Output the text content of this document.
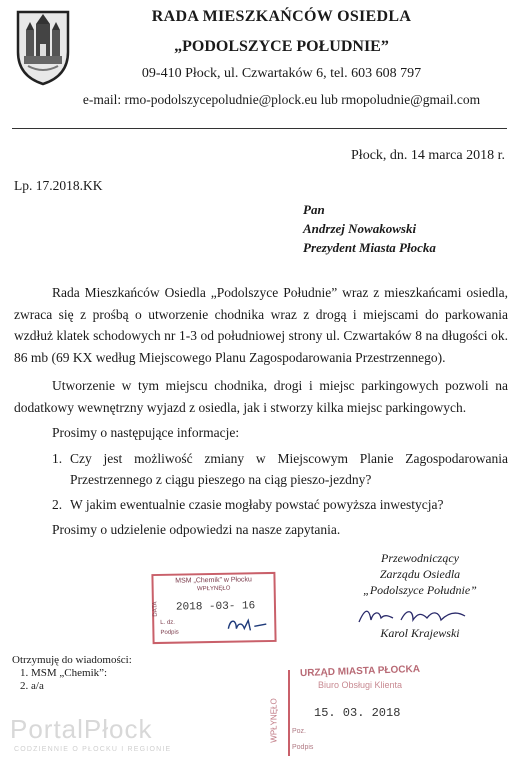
RADA MIESZKAŃCÓW OSIEDLA
„PODOLSZYCE POŁUDNIE”
09-410 Płock, ul. Czwartaków 6, tel. 603 608 797
e-mail: rmo-podolszycepoludnie@plock.eu lub rmopoludnie@gmail.com
Płock, dn. 14 marca 2018 r.
Lp. 17.2018.KK
Pan
Andrzej Nowakowski
Prezydent Miasta Płocka

Rada Mieszkańców Osiedla „Podolszyce Południe” wraz z mieszkańcami osiedla, zwraca się z prośbą o utworzenie chodnika wraz z drogą i miejscami do parkowania wzdłuż klatek schodowych nr 1-3 od południowej strony ul. Czwartaków 8 na długości ok. 86 mb (69 KX według Miejscowego Planu Zagospodarowania Przestrzennego).

Utworzenie w tym miejscu chodnika, drogi i miejsc parkingowych pozwoli na dodatkowy wewnętrzny wyjazd z osiedla, jak i stworzy kilka miejsc parkingowych.

Prosimy o następujące informacje:

1. Czy jest możliwość zmiany w Miejscowym Planie Zagospodarowania Przestrzennego z ciągu pieszego na ciąg pieszo-jezdny?
2. W jakim ewentualnie czasie mogłaby powstać powyższa inwestycja?

Prosimy o udzielenie odpowiedzi na nasze zapytania.

Przewodniczący
Zarządu Osiedla
„Podolszyce Południe”
Karol Krajewski
Otrzymuję do wiadomości:
1. MSM „Chemik”:
2. a/a
MSM „Chemik” w Płocku
WPŁYNĘŁO
DATA 2018 -03- 16
L. dz.
Podpis
URZĄD MIASTA PŁOCKA
Biuro Obsługi Klienta
WPŁYNĘŁO	15. 03. 2018
Poz.
Podpis
PortalPłock
CODZIENNIE O PŁOCKU I REGIONIE
